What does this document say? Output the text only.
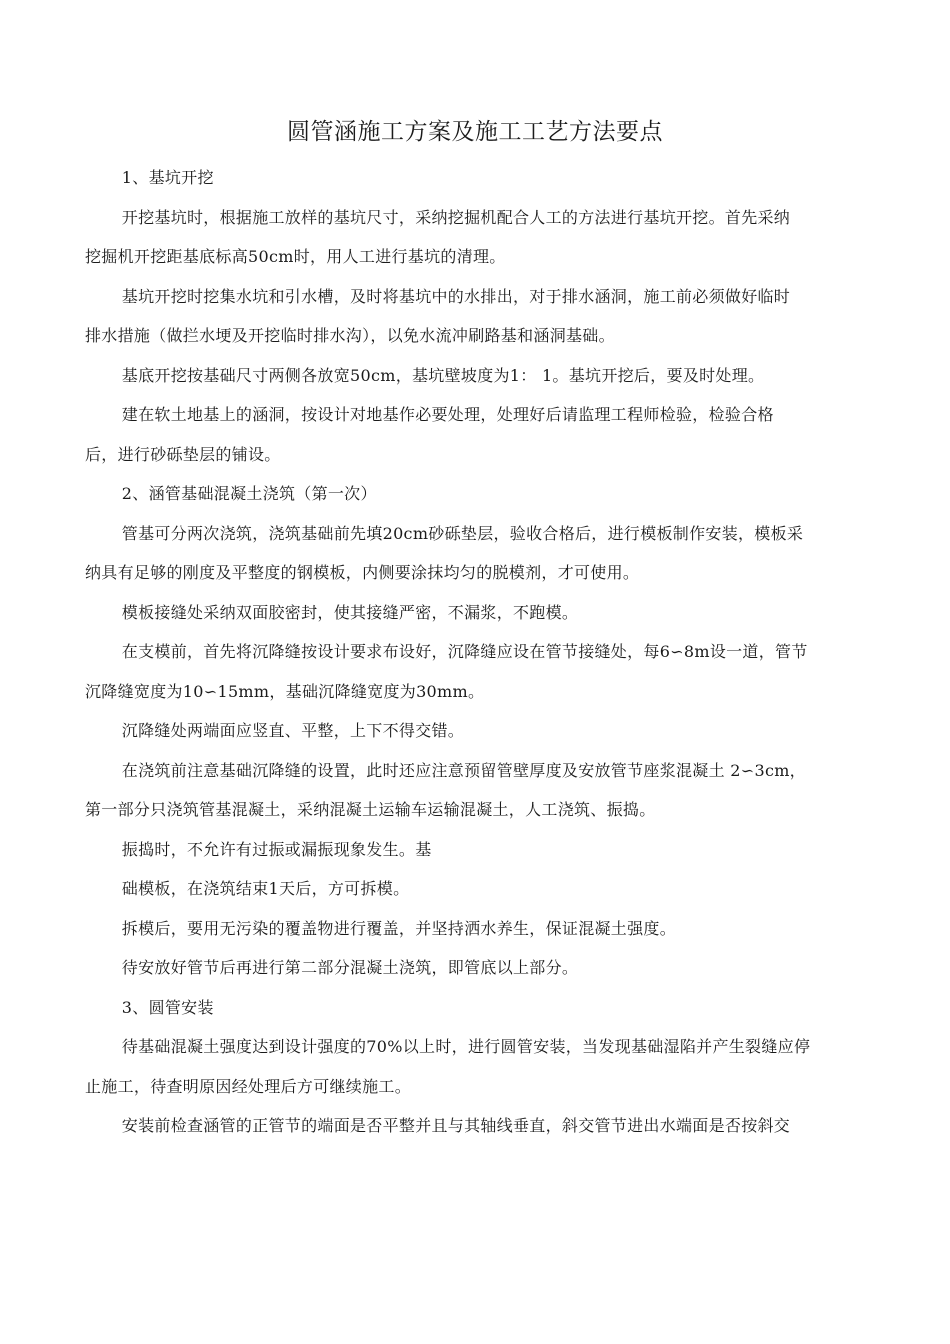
圆管涵施工方案及施工工艺方法要点

1、基坑开挖

开挖基坑时，根据施工放样的基坑尺寸，采纳挖掘机配合人工的方法进行基坑开挖。首先采纳
挖掘机开挖距基底标高50cm时，用人工进行基坑的清理。

基坑开挖时挖集水坑和引水槽，及时将基坑中的水排出，对于排水涵洞，施工前必须做好临时
排水措施（做拦水埂及开挖临时排水沟），以免水流冲刷路基和涵洞基础。

基底开挖按基础尺寸两侧各放宽50cm，基坑壁坡度为1： 1。基坑开挖后，要及时处理。

建在软土地基上的涵洞，按设计对地基作必要处理，处理好后请监理工程师检验，检验合格
后，进行砂砾垫层的铺设。

2、涵管基础混凝土浇筑（第一次）

管基可分两次浇筑，浇筑基础前先填20cm砂砾垫层，验收合格后，进行模板制作安装，模板采
纳具有足够的刚度及平整度的钢模板，内侧要涂抹均匀的脱模剂，才可使用。

模板接缝处采纳双面胶密封，使其接缝严密，不漏浆，不跑模。

在支模前，首先将沉降缝按设计要求布设好，沉降缝应设在管节接缝处，每6∽8m设一道，管节
沉降缝宽度为10∽15mm，基础沉降缝宽度为30mm。

沉降缝处两端面应竖直、平整，上下不得交错。

在浇筑前注意基础沉降缝的设置，此时还应注意预留管壁厚度及安放管节座浆混凝土 2∽3cm，
第一部分只浇筑管基混凝土，采纳混凝土运输车运输混凝土，人工浇筑、振捣。

振捣时，不允许有过振或漏振现象发生。基

础模板，在浇筑结束1天后，方可拆模。

拆模后，要用无污染的覆盖物进行覆盖，并坚持洒水养生，保证混凝土强度。

待安放好管节后再进行第二部分混凝土浇筑，即管底以上部分。

3、圆管安装

待基础混凝土强度达到设计强度的70%以上时，进行圆管安装，当发现基础湿陷并产生裂缝应停
止施工，待查明原因经处理后方可继续施工。

安装前检查涵管的正管节的端面是否平整并且与其轴线垂直，斜交管节进出水端面是否按斜交
